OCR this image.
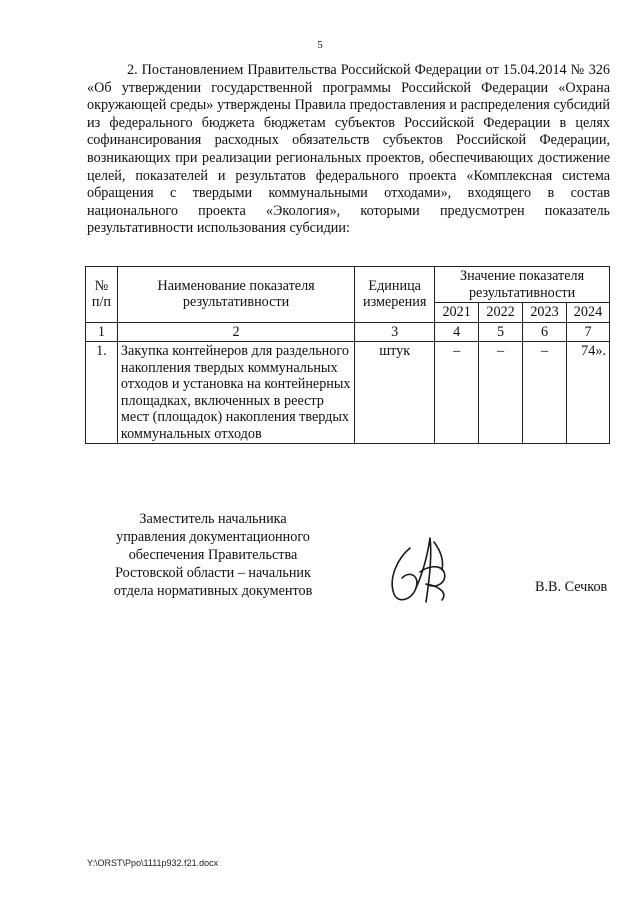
5

2. Постановлением Правительства Российской Федерации от 15.04.2014 № 326 «Об утверждении государственной программы Российской Федерации «Охрана окружающей среды» утверждены Правила предоставления и распределения субсидий из федерального бюджета бюджетам субъектов Российской Федерации в целях софинансирования расходных обязательств субъектов Российской Федерации, возникающих при реализации региональных проектов, обеспечивающих достижение целей, показателей и результатов федерального проекта «Комплексная система обращения с твердыми коммунальными отходами», входящего в состав национального проекта «Экология», которыми предусмотрен показатель результативности использования субсидии:

№ п/п	Наименование показателя результативности	Единица измерения	Значение показателя результативности			
			2021	2022	2023	2024
1	2	3	4	5	6	7
1.	Закупка контейнеров для раздельного накопления твердых коммунальных отходов и установка на контейнерных площадках, включенных в реестр мест (площадок) накопления твердых коммунальных отходов	штук	–	–	–	74».
Заместитель начальника управления документационного обеспечения Правительства Ростовской области – начальник отдела нормативных документов	В.В. Сечков
Y:\ORST\Ppo\1111p932.f21.docx
